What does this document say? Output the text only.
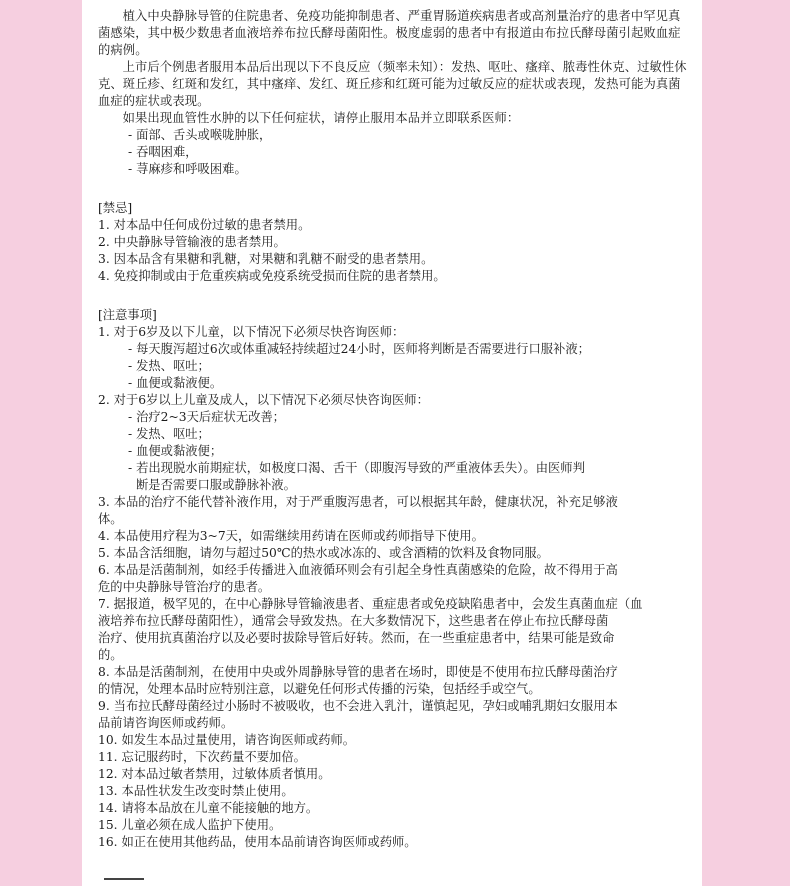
植入中央静脉导管的住院患者、免疫功能抑制患者、严重胃肠道疾病患者或高剂量治疗的患者中罕见真菌感染，其中极少数患者血液培养布拉氏酵母菌阳性。极度虚弱的患者中有报道由布拉氏酵母菌引起败血症的病例。

上市后个例患者服用本品后出现以下不良反应（频率未知）：发热、呕吐、瘙痒、脓毒性休克、过敏性休克、斑丘疹、红斑和发红，其中瘙痒、发红、斑丘疹和红斑可能为过敏反应的症状或表现，发热可能为真菌血症的症状或表现。

如果出现血管性水肿的以下任何症状，请停止服用本品并立即联系医师：

- 面部、舌头或喉咙肿胀，

- 吞咽困难，

- 荨麻疹和呼吸困难。

[禁忌]

1. 对本品中任何成份过敏的患者禁用。

2. 中央静脉导管输液的患者禁用。

3. 因本品含有果糖和乳糖，对果糖和乳糖不耐受的患者禁用。

4. 免疫抑制或由于危重疾病或免疫系统受损而住院的患者禁用。

[注意事项]

1. 对于6岁及以下儿童，以下情况下必须尽快咨询医师：

- 每天腹泻超过6次或体重减轻持续超过24小时，医师将判断是否需要进行口服补液；

- 发热、呕吐；

- 血便或黏液便。

2. 对于6岁以上儿童及成人，以下情况下必须尽快咨询医师：

- 治疗2~3天后症状无改善；

- 发热、呕吐；

- 血便或黏液便；

- 若出现脱水前期症状，如极度口渴、舌干（即腹泻导致的严重液体丢失）。由医师判

断是否需要口服或静脉补液。

3. 本品的治疗不能代替补液作用，对于严重腹泻患者，可以根据其年龄，健康状况，补充足够液

体。

4. 本品使用疗程为3~7天，如需继续用药请在医师或药师指导下使用。

5. 本品含活细胞，请勿与超过50℃的热水或冰冻的、或含酒精的饮料及食物同服。

6. 本品是活菌制剂，如经手传播进入血液循环则会有引起全身性真菌感染的危险，故不得用于高

危的中央静脉导管治疗的患者。

7. 据报道，极罕见的，在中心静脉导管输液患者、重症患者或免疫缺陷患者中，会发生真菌血症（血

液培养布拉氏酵母菌阳性），通常会导致发热。在大多数情况下，这些患者在停止布拉氏酵母菌

治疗、使用抗真菌治疗以及必要时拔除导管后好转。然而，在一些重症患者中，结果可能是致命

的。

8. 本品是活菌制剂，在使用中央或外周静脉导管的患者在场时，即使是不使用布拉氏酵母菌治疗

的情况，处理本品时应特别注意，以避免任何形式传播的污染，包括经手或空气。

9. 当布拉氏酵母菌经过小肠时不被吸收，也不会进入乳汁，谨慎起见，孕妇或哺乳期妇女服用本

品前请咨询医师或药师。

10. 如发生本品过量使用，请咨询医师或药师。

11. 忘记服药时，下次药量不要加倍。

12. 对本品过敏者禁用，过敏体质者慎用。

13. 本品性状发生改变时禁止使用。

14. 请将本品放在儿童不能接触的地方。

15. 儿童必须在成人监护下使用。

16. 如正在使用其他药品，使用本品前请咨询医师或药师。
